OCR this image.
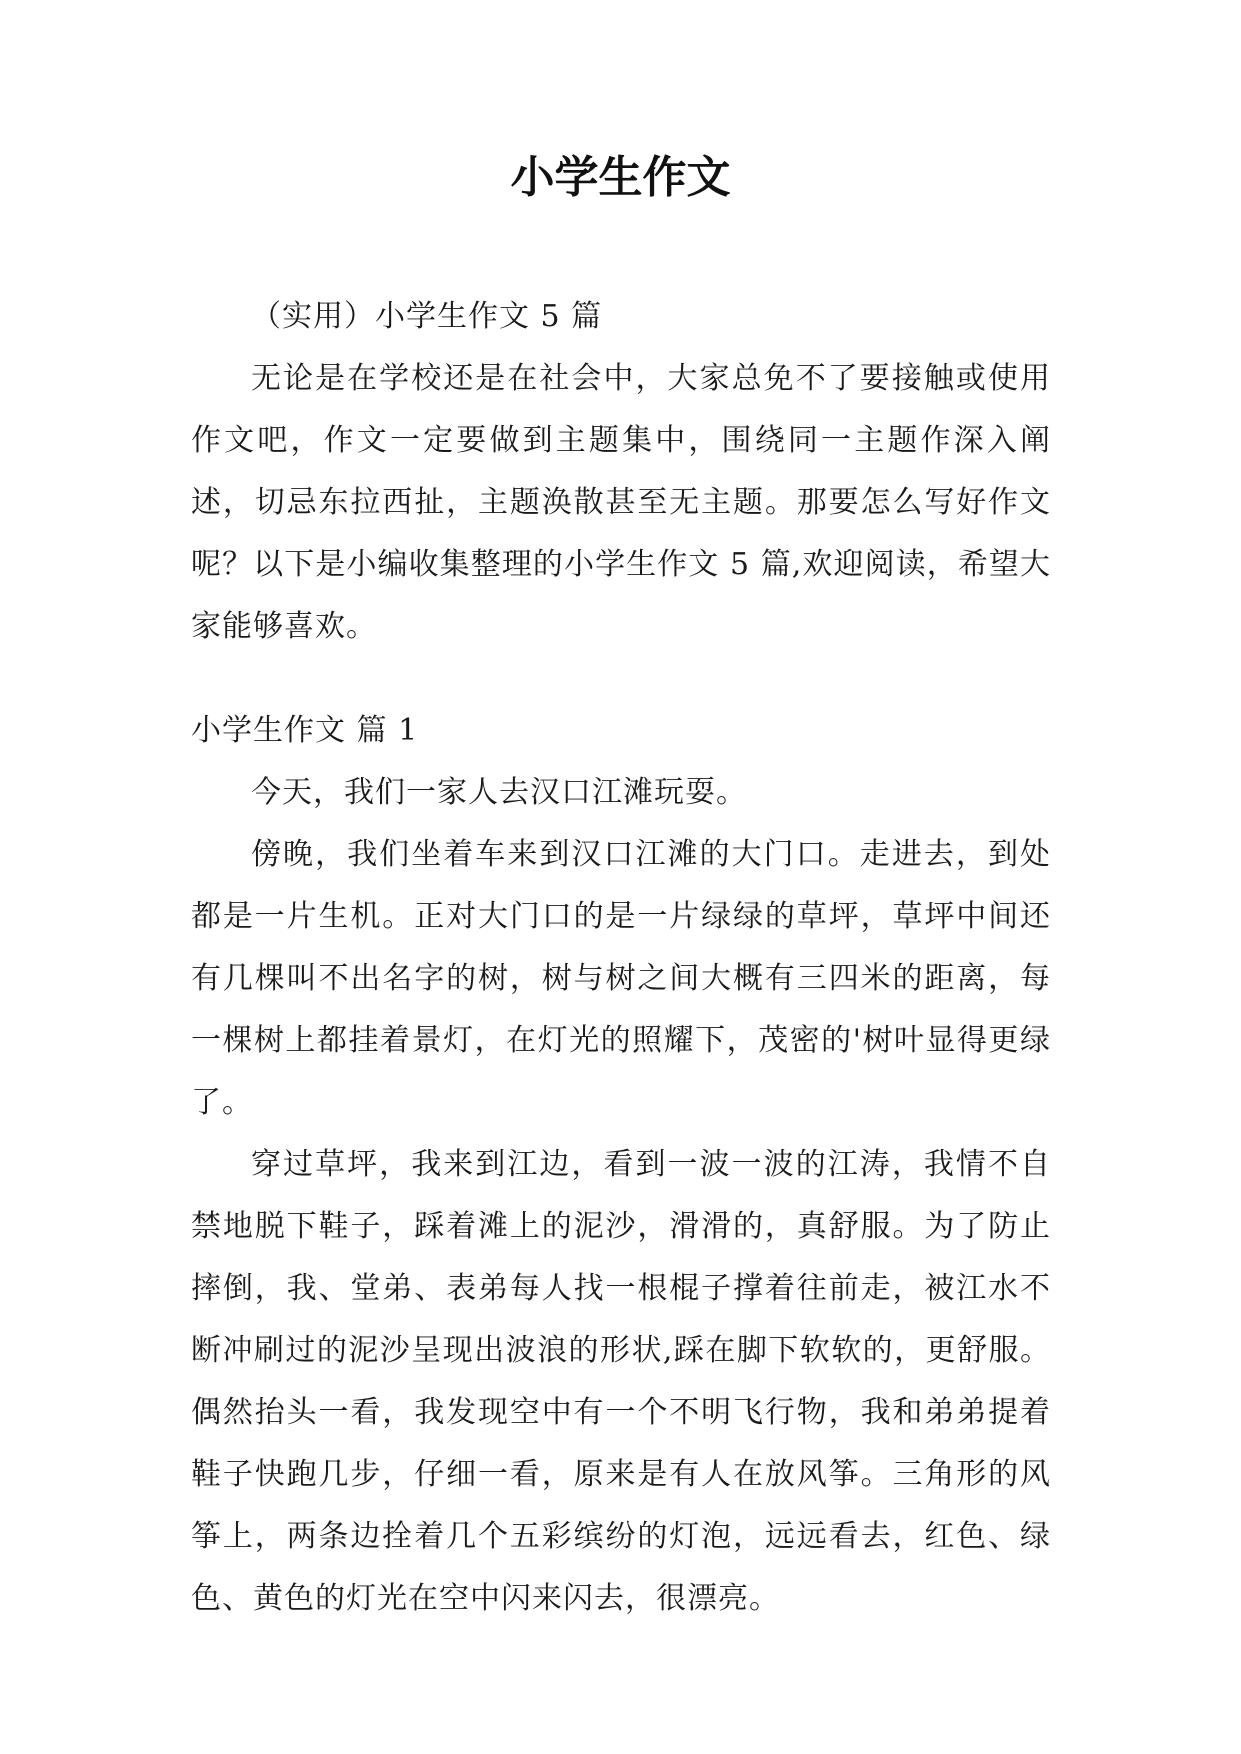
小学生作文

（实用）小学生作文 5 篇

无论是在学校还是在社会中，大家总免不了要接触或使用作文吧，作文一定要做到主题集中，围绕同一主题作深入阐述，切忌东拉西扯，主题涣散甚至无主题。那要怎么写好作文呢？以下是小编收集整理的小学生作文 5 篇,欢迎阅读，希望大家能够喜欢。

小学生作文 篇 1

今天，我们一家人去汉口江滩玩耍。

傍晚，我们坐着车来到汉口江滩的大门口。走进去，到处都是一片生机。正对大门口的是一片绿绿的草坪，草坪中间还有几棵叫不出名字的树，树与树之间大概有三四米的距离，每一棵树上都挂着景灯，在灯光的照耀下，茂密的'树叶显得更绿了。

穿过草坪，我来到江边，看到一波一波的江涛，我情不自禁地脱下鞋子，踩着滩上的泥沙，滑滑的，真舒服。为了防止摔倒，我、堂弟、表弟每人找一根棍子撑着往前走，被江水不断冲刷过的泥沙呈现出波浪的形状,踩在脚下软软的，更舒服。偶然抬头一看，我发现空中有一个不明飞行物，我和弟弟提着鞋子快跑几步，仔细一看，原来是有人在放风筝。三角形的风筝上，两条边拴着几个五彩缤纷的灯泡，远远看去，红色、绿色、黄色的灯光在空中闪来闪去，很漂亮。
